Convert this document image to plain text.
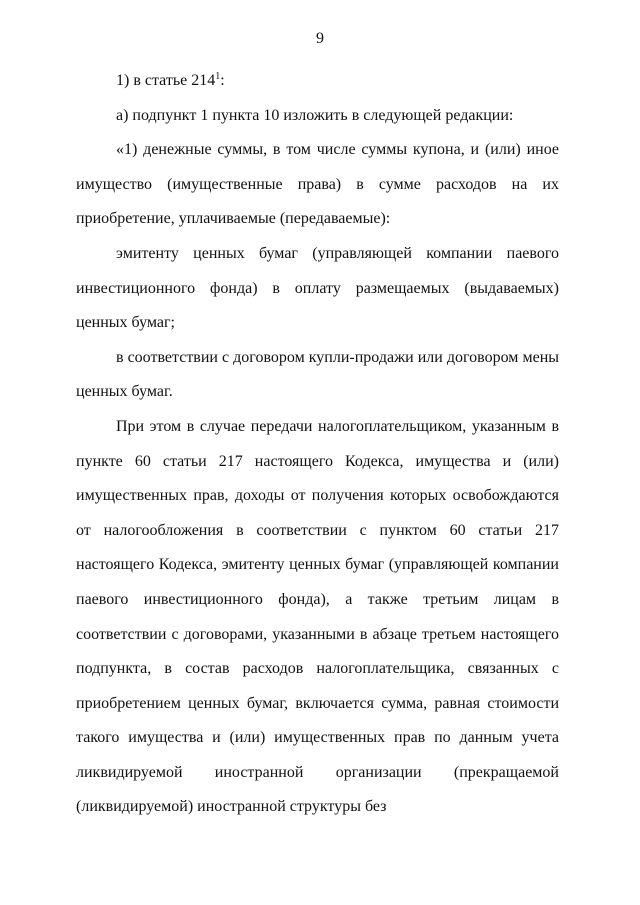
9

1) в статье $214^1$:

а) подпункт 1 пункта 10 изложить в следующей редакции:

«1) денежные суммы, в том числе суммы купона, и (или) иное имущество (имущественные права) в сумме расходов на их приобретение, уплачиваемые (передаваемые):

эмитенту ценных бумаг (управляющей компании паевого инвестиционного фонда) в оплату размещаемых (выдаваемых) ценных бумаг;

в соответствии с договором купли-продажи или договором мены ценных бумаг.

При этом в случае передачи налогоплательщиком, указанным в пункте 60 статьи 217 настоящего Кодекса, имущества и (или) имущественных прав, доходы от получения которых освобождаются от налогообложения в соответствии с пунктом 60 статьи 217 настоящего Кодекса, эмитенту ценных бумаг (управляющей компании паевого инвестиционного фонда), а также третьим лицам в соответствии с договорами, указанными в абзаце третьем настоящего подпункта, в состав расходов налогоплательщика, связанных с приобретением ценных бумаг, включается сумма, равная стоимости такого имущества и (или) имущественных прав по данным учета ликвидируемой иностранной организации (прекращаемой (ликвидируемой) иностранной структуры без
